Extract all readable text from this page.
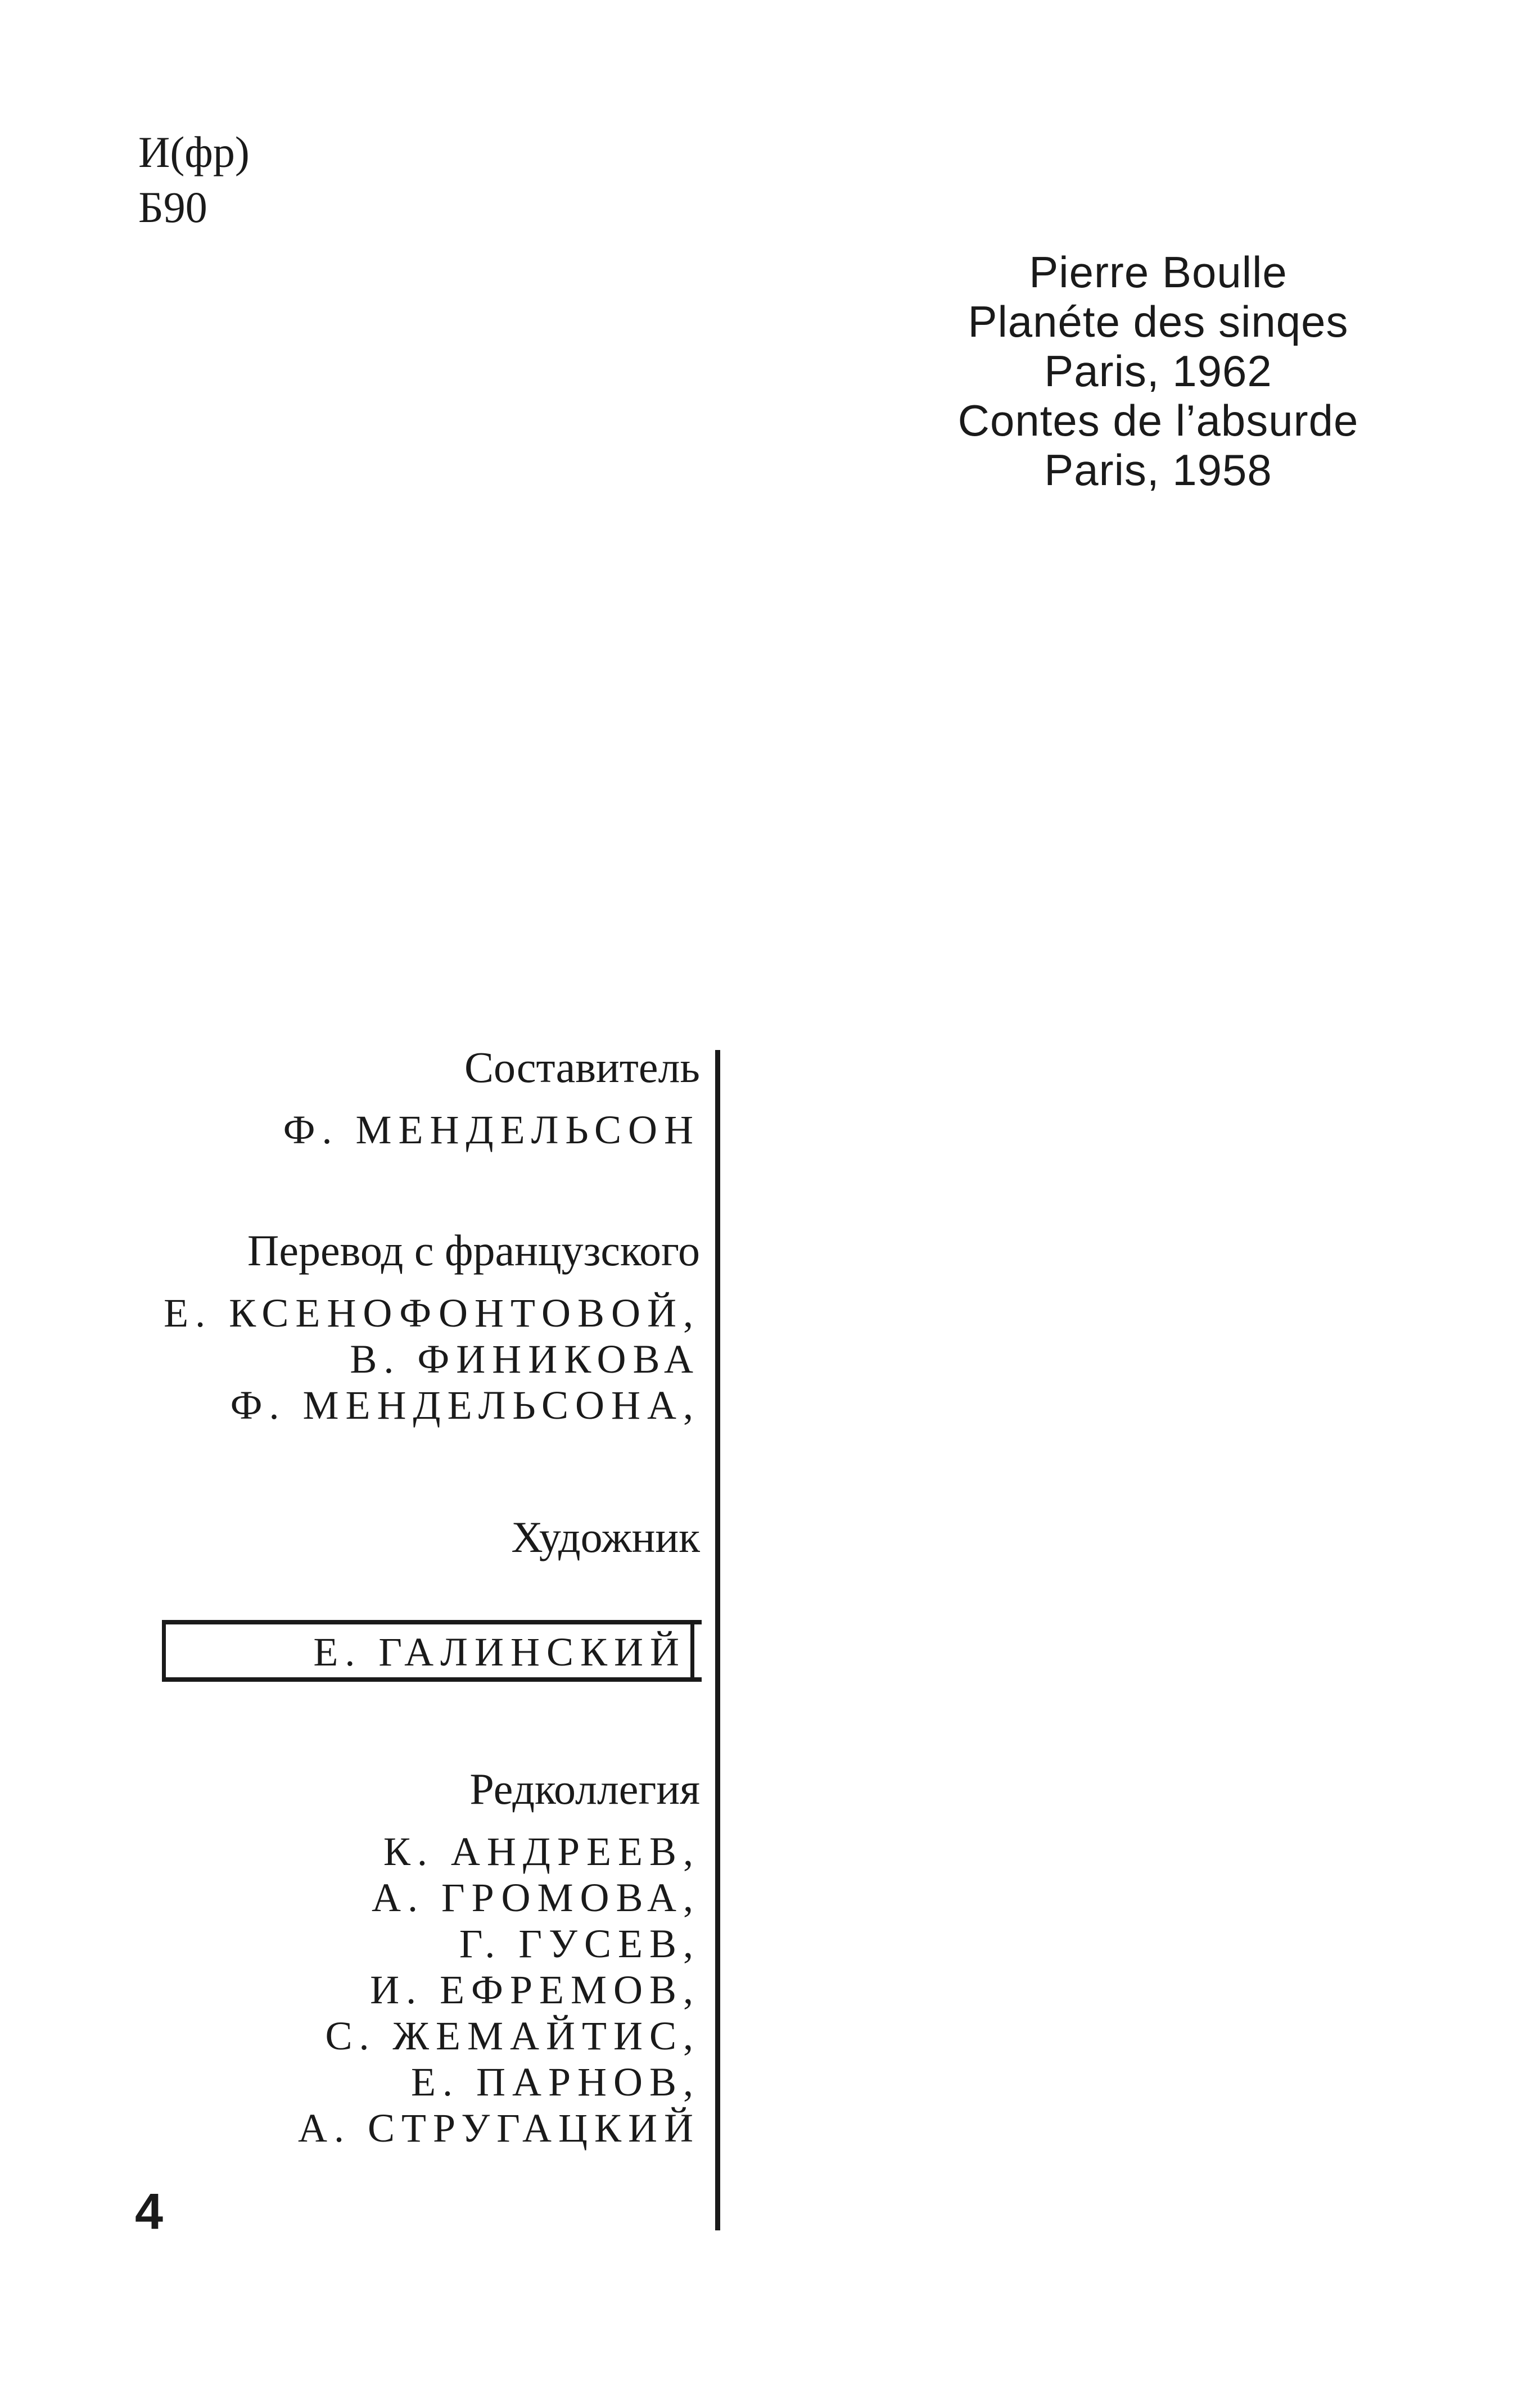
И(фр)
Б90
Pierre Boulle
Planéte des sinqes
Paris, 1962
Contes de l’absurde
Paris, 1958
Составитель
Ф. МЕНДЕЛЬСОН
Перевод с французского
Е. КСЕНОФОНТОВОЙ,
В. ФИНИКОВА
Ф. МЕНДЕЛЬСОНА,
Художник
Редколлегия
К. АНДРЕЕВ,
А. ГРОМОВА,
Г. ГУСЕВ,
И. ЕФРЕМОВ,
С. ЖЕМАЙТИС,
Е. ПАРНОВ,
А. СТРУГАЦКИЙ
Е. ГАЛИНСКИЙ
4
